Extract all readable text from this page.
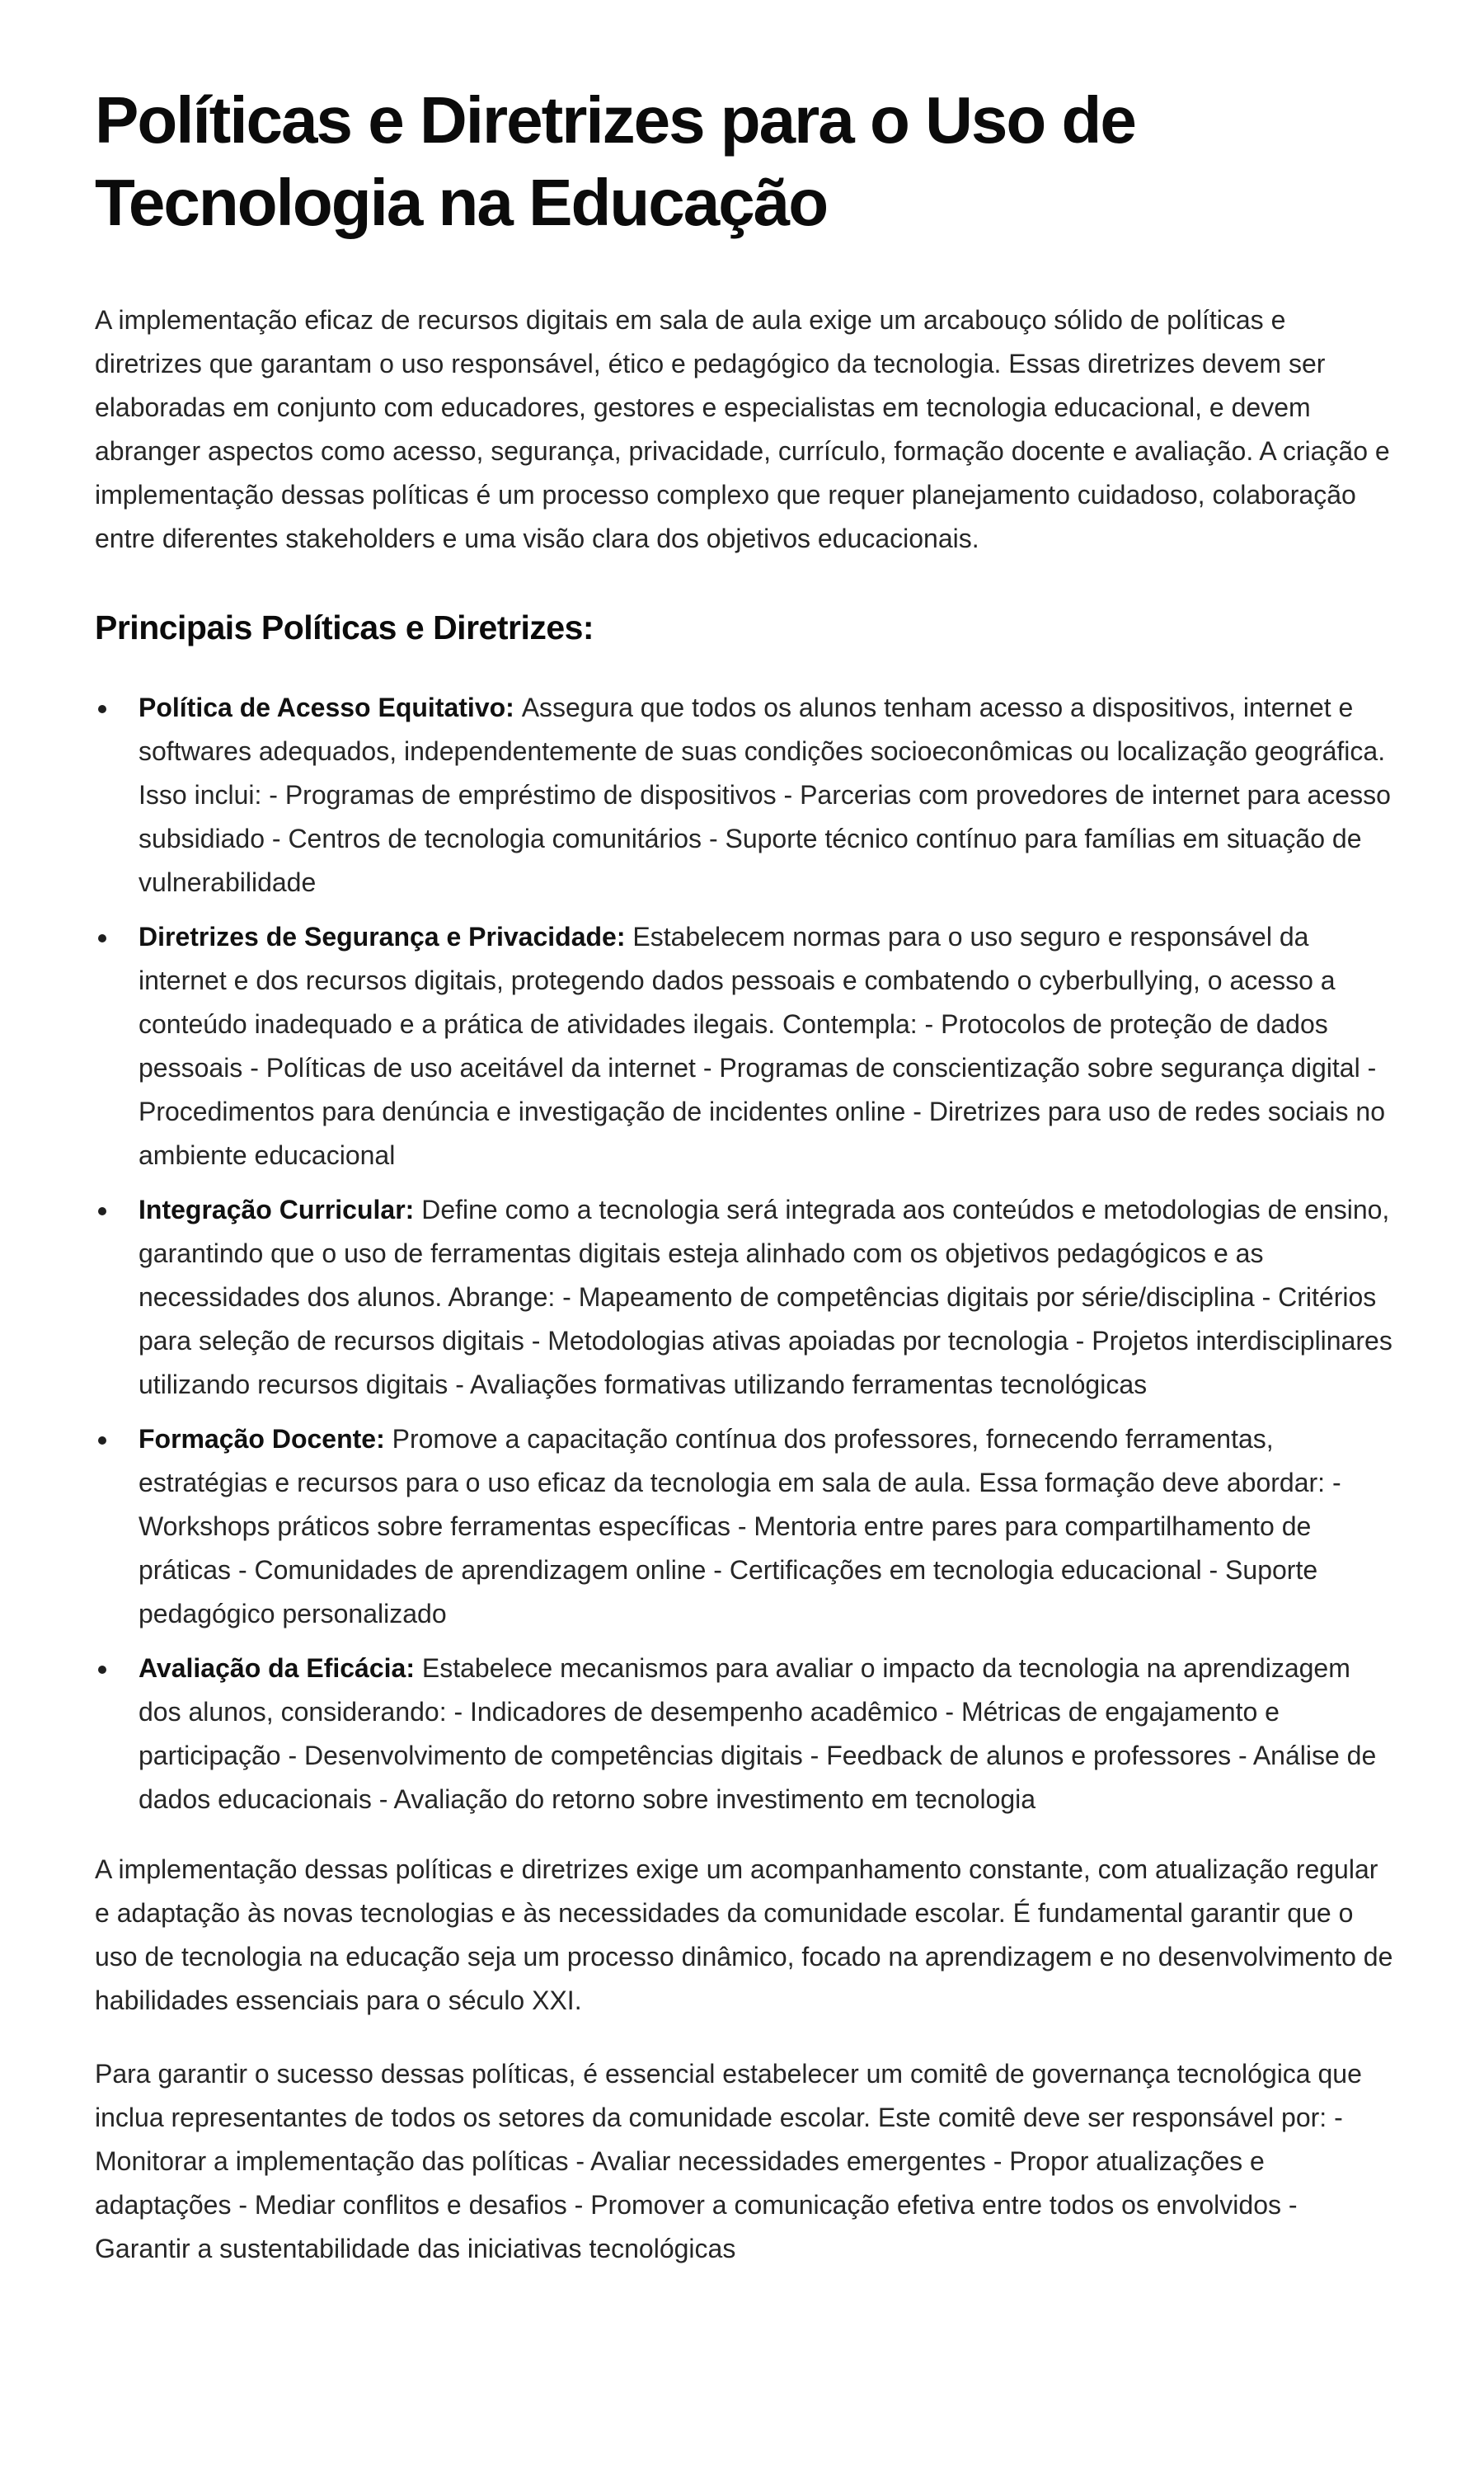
Políticas e Diretrizes para o Uso de Tecnologia na Educação

A implementação eficaz de recursos digitais em sala de aula exige um arcabouço sólido de políticas e diretrizes que garantam o uso responsável, ético e pedagógico da tecnologia. Essas diretrizes devem ser elaboradas em conjunto com educadores, gestores e especialistas em tecnologia educacional, e devem abranger aspectos como acesso, segurança, privacidade, currículo, formação docente e avaliação. A criação e implementação dessas políticas é um processo complexo que requer planejamento cuidadoso, colaboração entre diferentes stakeholders e uma visão clara dos objetivos educacionais.

Principais Políticas e Diretrizes:
Política de Acesso Equitativo: Assegura que todos os alunos tenham acesso a dispositivos, internet e softwares adequados, independentemente de suas condições socioeconômicas ou localização geográfica. Isso inclui: - Programas de empréstimo de dispositivos - Parcerias com provedores de internet para acesso subsidiado - Centros de tecnologia comunitários - Suporte técnico contínuo para famílias em situação de vulnerabilidade
Diretrizes de Segurança e Privacidade: Estabelecem normas para o uso seguro e responsável da internet e dos recursos digitais, protegendo dados pessoais e combatendo o cyberbullying, o acesso a conteúdo inadequado e a prática de atividades ilegais. Contempla: - Protocolos de proteção de dados pessoais - Políticas de uso aceitável da internet - Programas de conscientização sobre segurança digital - Procedimentos para denúncia e investigação de incidentes online - Diretrizes para uso de redes sociais no ambiente educacional
Integração Curricular: Define como a tecnologia será integrada aos conteúdos e metodologias de ensino, garantindo que o uso de ferramentas digitais esteja alinhado com os objetivos pedagógicos e as necessidades dos alunos. Abrange: - Mapeamento de competências digitais por série/disciplina - Critérios para seleção de recursos digitais - Metodologias ativas apoiadas por tecnologia - Projetos interdisciplinares utilizando recursos digitais - Avaliações formativas utilizando ferramentas tecnológicas
Formação Docente: Promove a capacitação contínua dos professores, fornecendo ferramentas, estratégias e recursos para o uso eficaz da tecnologia em sala de aula. Essa formação deve abordar: - Workshops práticos sobre ferramentas específicas - Mentoria entre pares para compartilhamento de práticas - Comunidades de aprendizagem online - Certificações em tecnologia educacional - Suporte pedagógico personalizado
Avaliação da Eficácia: Estabelece mecanismos para avaliar o impacto da tecnologia na aprendizagem dos alunos, considerando: - Indicadores de desempenho acadêmico - Métricas de engajamento e participação - Desenvolvimento de competências digitais - Feedback de alunos e professores - Análise de dados educacionais - Avaliação do retorno sobre investimento em tecnologia

A implementação dessas políticas e diretrizes exige um acompanhamento constante, com atualização regular e adaptação às novas tecnologias e às necessidades da comunidade escolar. É fundamental garantir que o uso de tecnologia na educação seja um processo dinâmico, focado na aprendizagem e no desenvolvimento de habilidades essenciais para o século XXI.

Para garantir o sucesso dessas políticas, é essencial estabelecer um comitê de governança tecnológica que inclua representantes de todos os setores da comunidade escolar. Este comitê deve ser responsável por: - Monitorar a implementação das políticas - Avaliar necessidades emergentes - Propor atualizações e adaptações - Mediar conflitos e desafios - Promover a comunicação efetiva entre todos os envolvidos - Garantir a sustentabilidade das iniciativas tecnológicas
